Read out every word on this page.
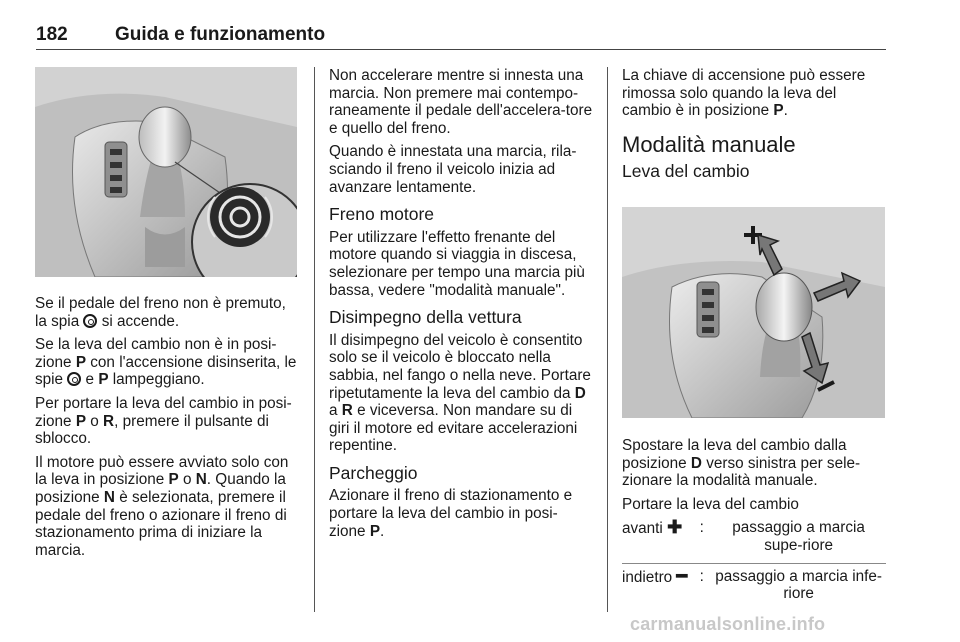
182 Guida e funzionamento

Se il pedale del freno non è premuto, la spia  si accende.

Se la leva del cambio non è in posi-zione P con l'accensione disinserita, le spie  e P lampeggiano.

Per portare la leva del cambio in posi-zione P o R, premere il pulsante di sblocco.

Il motore può essere avviato solo con la leva in posizione P o N. Quando la posizione N è selezionata, premere il pedale del freno o azionare il freno di stazionamento prima di iniziare la marcia.

Non accelerare mentre si innesta una marcia. Non premere mai contempo-raneamente il pedale dell'accelera-tore e quello del freno.

Quando è innestata una marcia, rila-sciando il freno il veicolo inizia ad avanzare lentamente.

Freno motore

Per utilizzare l'effetto frenante del motore quando si viaggia in discesa, selezionare per tempo una marcia più bassa, vedere "modalità manuale".

Disimpegno della vettura

Il disimpegno del veicolo è consentito solo se il veicolo è bloccato nella sabbia, nel fango o nella neve. Portare ripetutamente la leva del cambio da D a R e viceversa. Non mandare su di giri il motore ed evitare accelerazioni repentine.

Parcheggio

Azionare il freno di stazionamento e portare la leva del cambio in posi-zione P.

La chiave di accensione può essere rimossa solo quando la leva del cambio è in posizione P.

Modalità manuale
Leva del cambio

Spostare la leva del cambio dalla posizione D verso sinistra per sele-zionare la modalità manuale.

Portare la leva del cambio

avanti ✚	:	passaggio a marcia supe-riore
indietro ━ : passaggio a marcia infe-riore
carmanualsonline.info
